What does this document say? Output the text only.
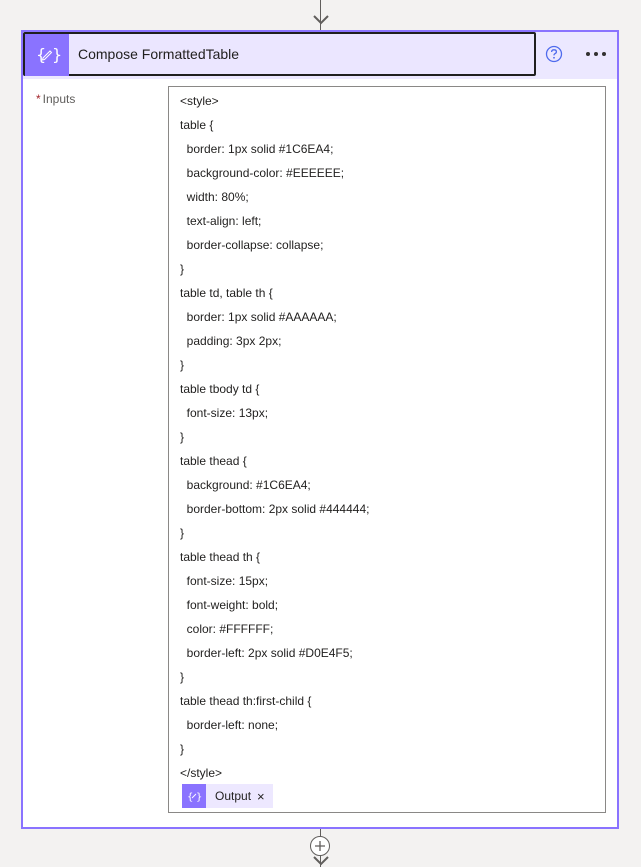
{ } Compose FormattedTable
* Inputs	<style>
table {
border: 1px solid #1C6EA4;
background-color: #EEEEEE;
width: 80%;
text-align: left;
border-collapse: collapse;
}
table td, table th {
border: 1px solid #AAAAAA;
padding: 3px 2px;
}
table tbody td {
font-size: 13px;
}
table thead {
background: #1C6EA4;
border-bottom: 2px solid #444444;
}
table thead th {
font-size: 15px;
font-weight: bold;
color: #FFFFFF;
border-left: 2px solid #D0E4F5;
}
table thead th:first-child {
border-left: none;
}
</style>
{ } Output ×
